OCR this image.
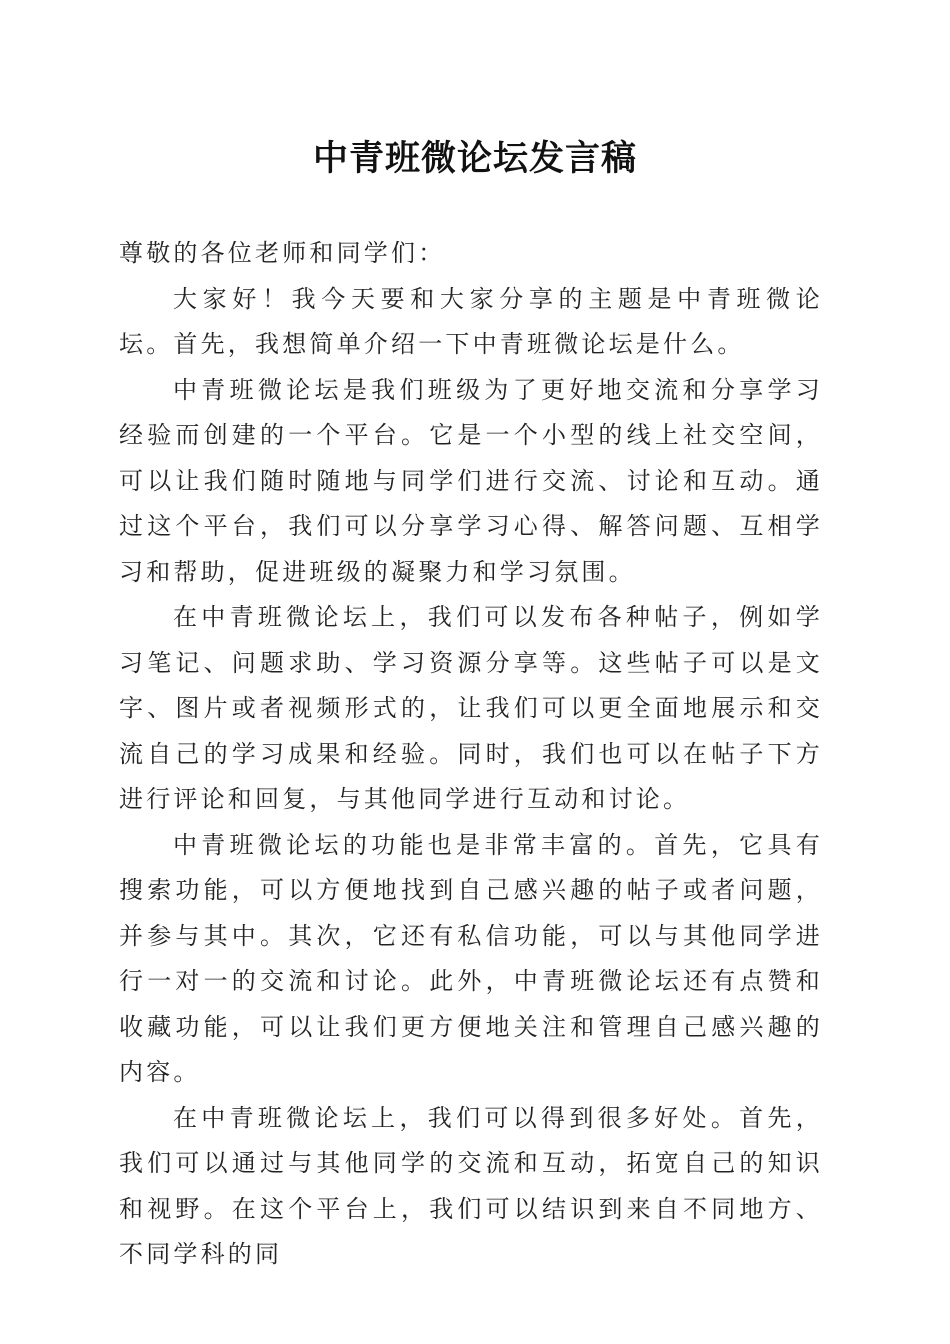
中青班微论坛发言稿

尊敬的各位老师和同学们：

大家好！我今天要和大家分享的主题是中青班微论坛。首先，我想简单介绍一下中青班微论坛是什么。

中青班微论坛是我们班级为了更好地交流和分享学习经验而创建的一个平台。它是一个小型的线上社交空间，可以让我们随时随地与同学们进行交流、讨论和互动。通过这个平台，我们可以分享学习心得、解答问题、互相学习和帮助，促进班级的凝聚力和学习氛围。

在中青班微论坛上，我们可以发布各种帖子，例如学习笔记、问题求助、学习资源分享等。这些帖子可以是文字、图片或者视频形式的，让我们可以更全面地展示和交流自己的学习成果和经验。同时，我们也可以在帖子下方进行评论和回复，与其他同学进行互动和讨论。

中青班微论坛的功能也是非常丰富的。首先，它具有搜索功能，可以方便地找到自己感兴趣的帖子或者问题，并参与其中。其次，它还有私信功能，可以与其他同学进行一对一的交流和讨论。此外，中青班微论坛还有点赞和收藏功能，可以让我们更方便地关注和管理自己感兴趣的内容。

在中青班微论坛上，我们可以得到很多好处。首先，我们可以通过与其他同学的交流和互动，拓宽自己的知识和视野。在这个平台上，我们可以结识到来自不同地方、不同学科的同
